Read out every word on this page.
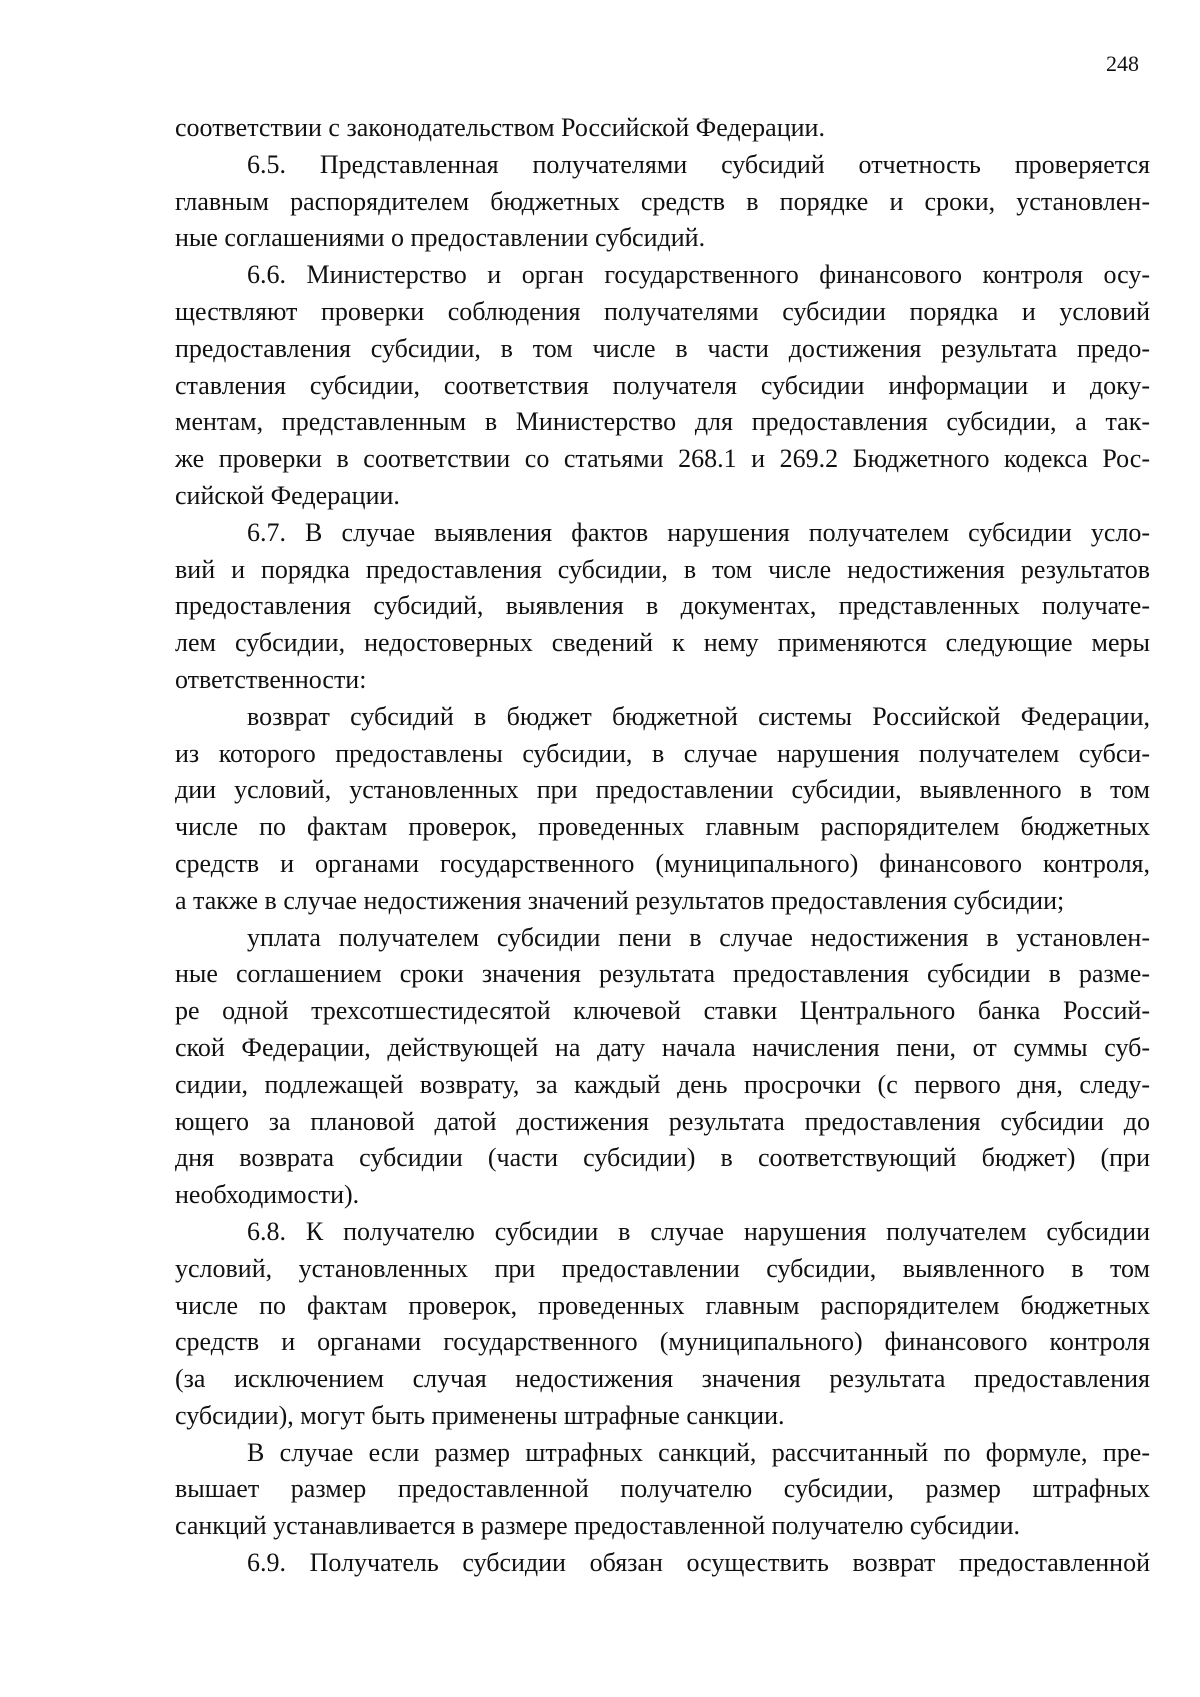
248
соответствии с законодательством Российской Федерации.
6.5. Представленная получателями субсидий отчетность проверяется
главным распорядителем бюджетных средств в порядке и сроки, установлен-
ные соглашениями о предоставлении субсидий.
6.6. Министерство и орган государственного финансового контроля осу-
ществляют проверки соблюдения получателями субсидии порядка и условий
предоставления субсидии, в том числе в части достижения результата предо-
ставления субсидии, соответствия получателя субсидии информации и доку-
ментам, представленным в Министерство для предоставления субсидии, а так-
же проверки в соответствии со статьями 268.1 и 269.2 Бюджетного кодекса Рос-
сийской Федерации.
6.7. В случае выявления фактов нарушения получателем субсидии усло-
вий и порядка предоставления субсидии, в том числе недостижения результатов
предоставления субсидий, выявления в документах, представленных получате-
лем субсидии, недостоверных сведений к нему применяются следующие меры
ответственности:
возврат субсидий в бюджет бюджетной системы Российской Федерации,
из которого предоставлены субсидии, в случае нарушения получателем субси-
дии условий, установленных при предоставлении субсидии, выявленного в том
числе по фактам проверок, проведенных главным распорядителем бюджетных
средств и органами государственного (муниципального) финансового контроля,
а также в случае недостижения значений результатов предоставления субсидии;
уплата получателем субсидии пени в случае недостижения в установлен-
ные соглашением сроки значения результата предоставления субсидии в разме-
ре одной трехсотшестидесятой ключевой ставки Центрального банка Россий-
ской Федерации, действующей на дату начала начисления пени, от суммы суб-
сидии, подлежащей возврату, за каждый день просрочки (с первого дня, следу-
ющего за плановой датой достижения результата предоставления субсидии до
дня возврата субсидии (части субсидии) в соответствующий бюджет) (при
необходимости).
6.8. К получателю субсидии в случае нарушения получателем субсидии
условий, установленных при предоставлении субсидии, выявленного в том
числе по фактам проверок, проведенных главным распорядителем бюджетных
средств и органами государственного (муниципального) финансового контроля
(за исключением случая недостижения значения результата предоставления
субсидии), могут быть применены штрафные санкции.
В случае если размер штрафных санкций, рассчитанный по формуле, пре-
вышает размер предоставленной получателю субсидии, размер штрафных
санкций устанавливается в размере предоставленной получателю субсидии.
6.9. Получатель субсидии обязан осуществить возврат предоставленной
